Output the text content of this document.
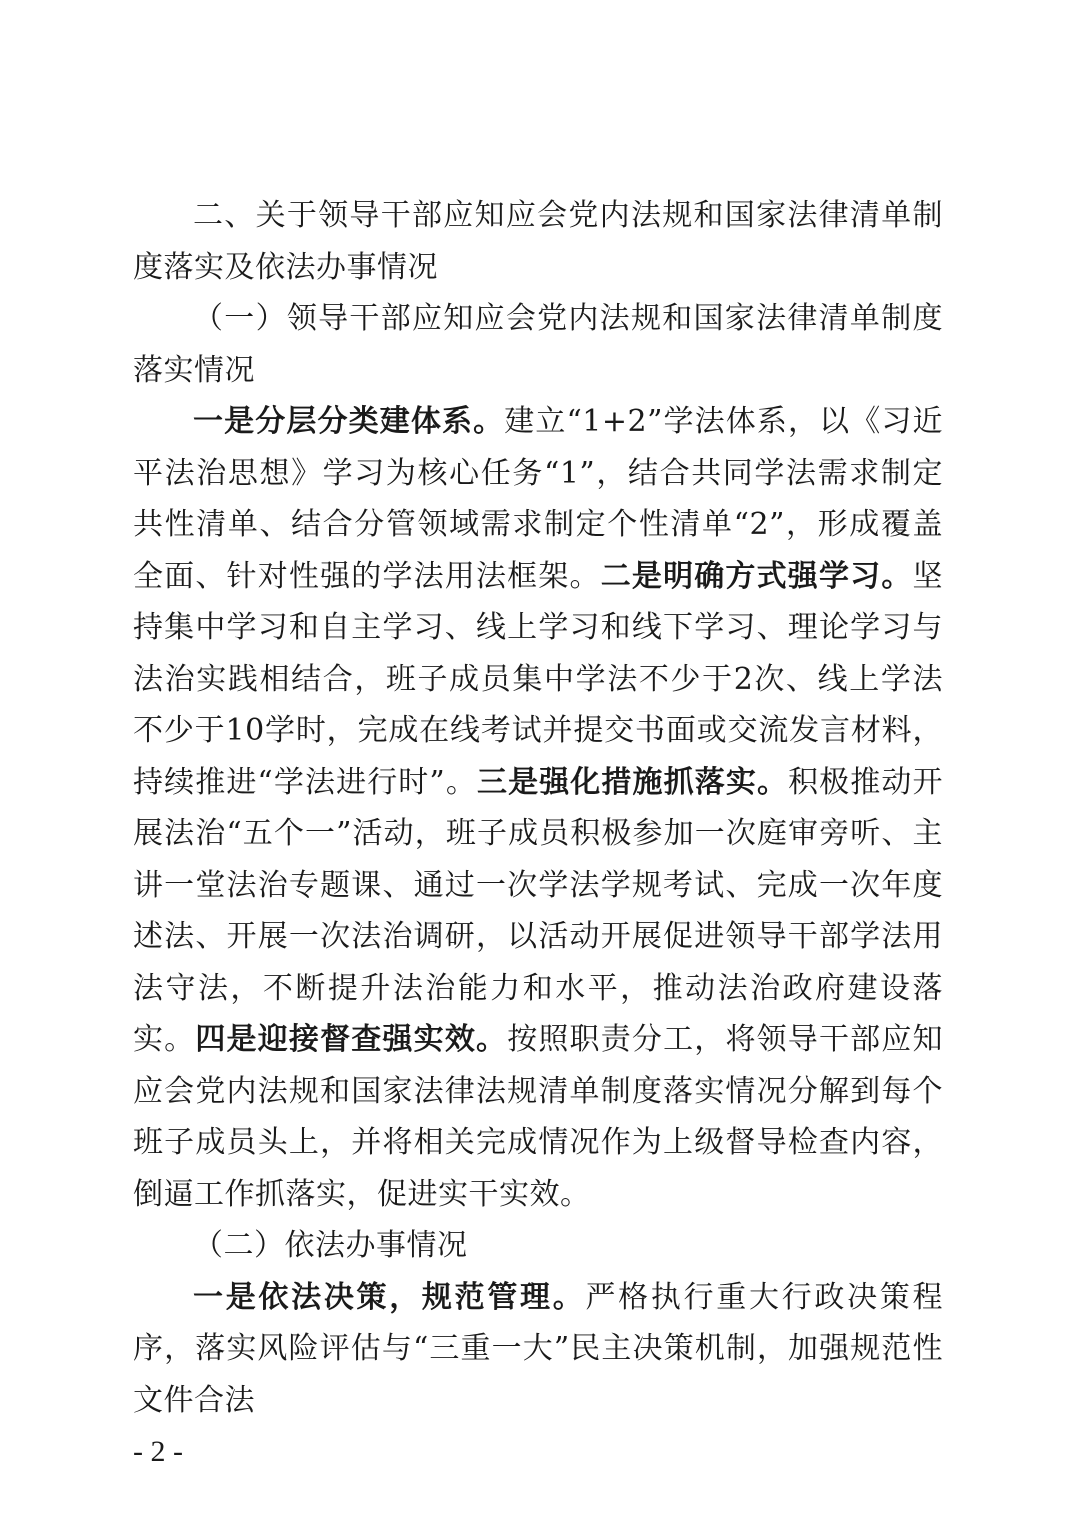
二、关于领导干部应知应会党内法规和国家法律清单制度落实及依法办事情况

（一）领导干部应知应会党内法规和国家法律清单制度落实情况

一是分层分类建体系。建立“1+2”学法体系，以《习近平法治思想》学习为核心任务“1”，结合共同学法需求制定共性清单、结合分管领域需求制定个性清单“2”，形成覆盖全面、针对性强的学法用法框架。二是明确方式强学习。坚持集中学习和自主学习、线上学习和线下学习、理论学习与法治实践相结合，班子成员集中学法不少于2次、线上学法不少于10学时，完成在线考试并提交书面或交流发言材料，持续推进“学法进行时”。三是强化措施抓落实。积极推动开展法治“五个一”活动，班子成员积极参加一次庭审旁听、主讲一堂法治专题课、通过一次学法学规考试、完成一次年度述法、开展一次法治调研，以活动开展促进领导干部学法用法守法，不断提升法治能力和水平，推动法治政府建设落实。四是迎接督查强实效。按照职责分工，将领导干部应知应会党内法规和国家法律法规清单制度落实情况分解到每个班子成员头上，并将相关完成情况作为上级督导检查内容，倒逼工作抓落实，促进实干实效。

（二）依法办事情况

一是依法决策，规范管理。严格执行重大行政决策程序，落实风险评估与“三重一大”民主决策机制，加强规范性文件合法

- 2 -
